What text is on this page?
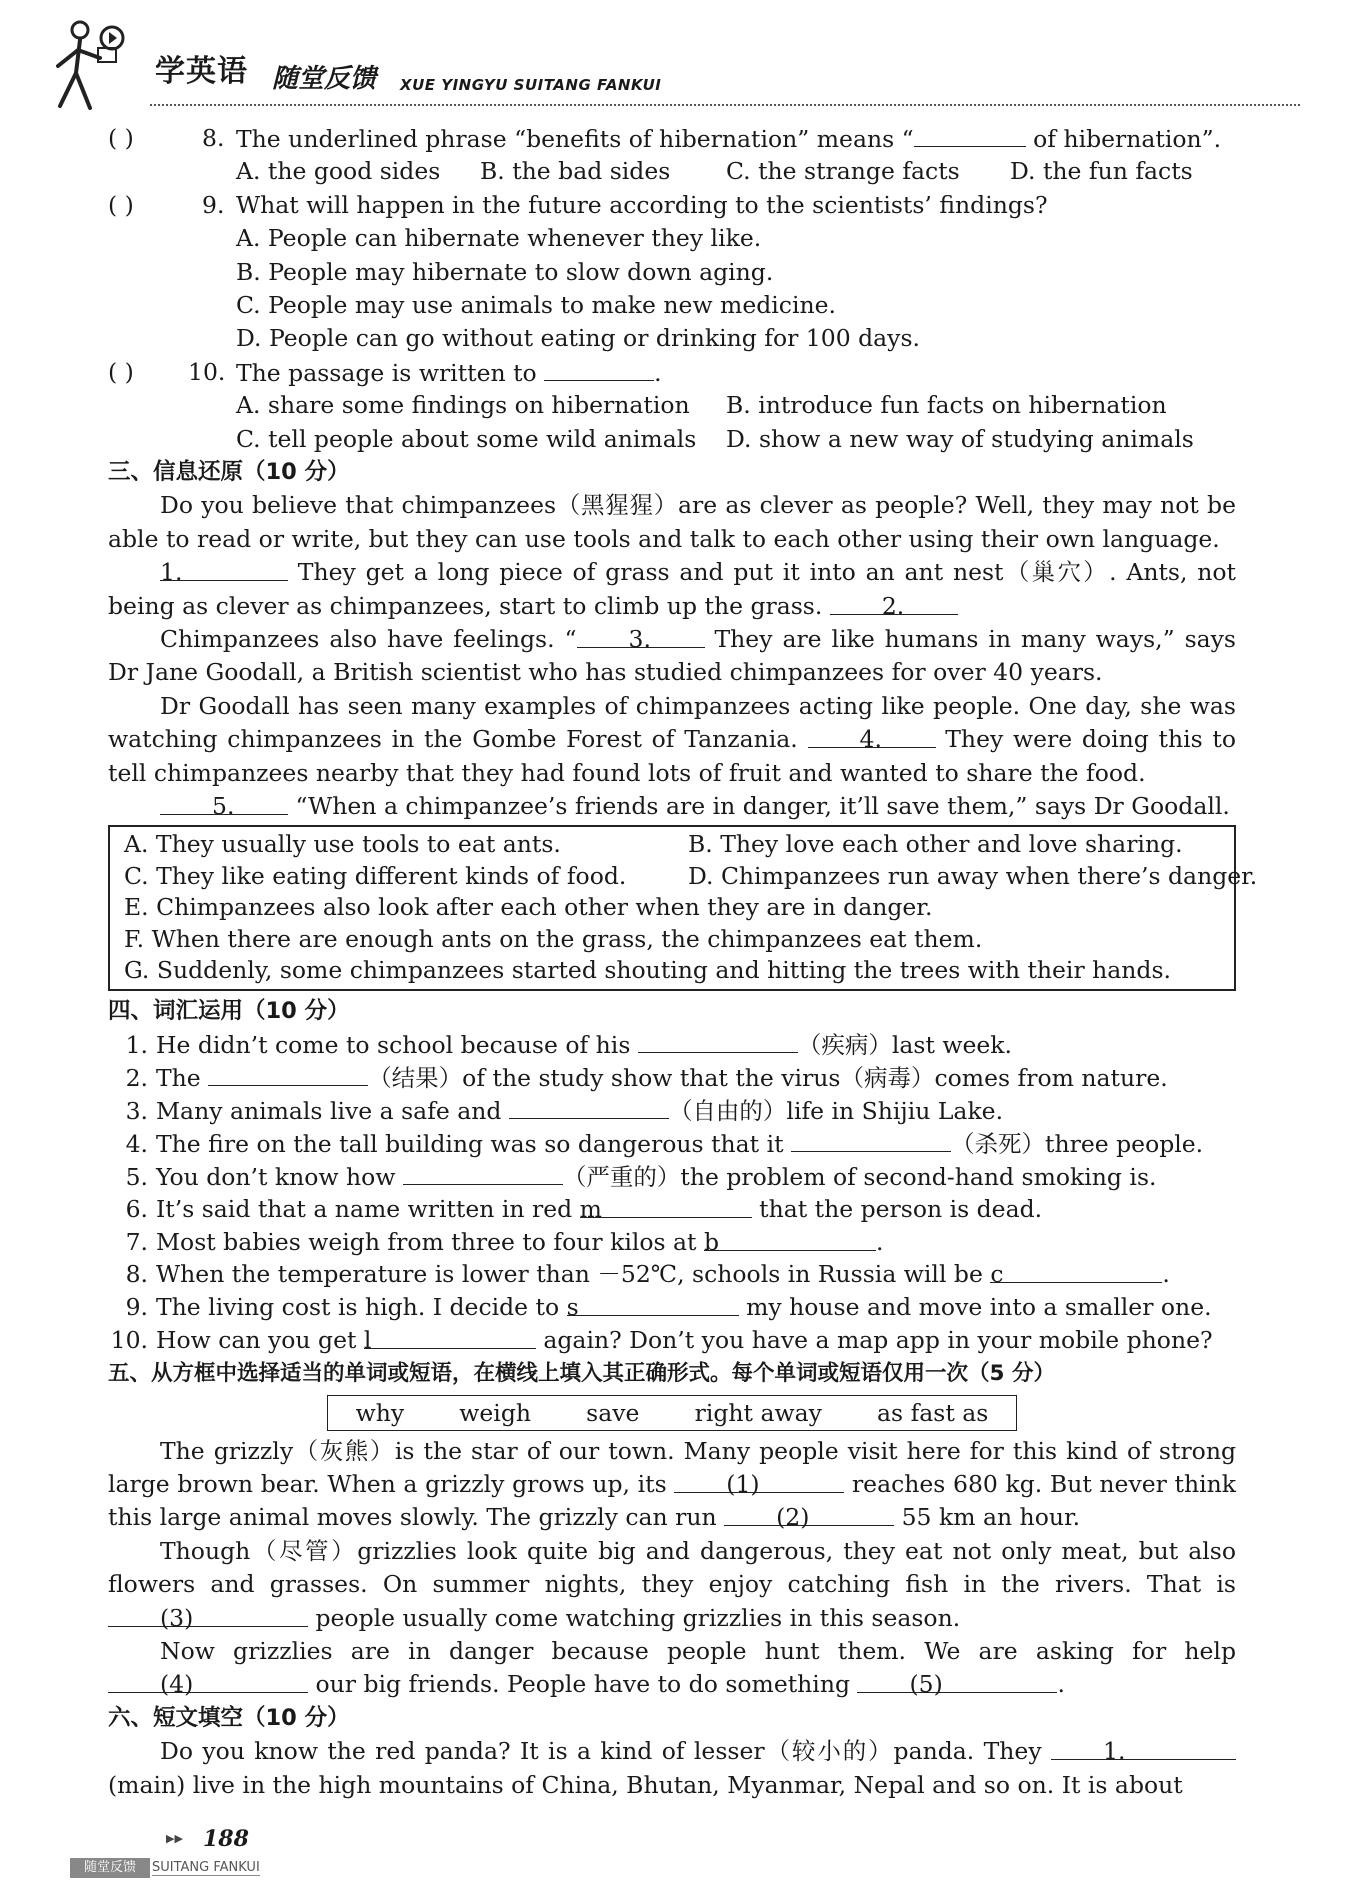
学英语 随堂反馈 XUE YINGYU SUITANG FANKUI
( )	8. The underlined phrase “benefits of hibernation” means “	of hibernation”.
A. the good sides B. the bad sides C. the strange facts D. the fun facts
( )	9. What will happen in the future according to the scientists’ findings?
A. People can hibernate whenever they like.
B. People may hibernate to slow down aging.
C. People may use animals to make new medicine.
D. People can go without eating or drinking for 100 days.
( ) 10. The passage is written to	.
A. share some findings on hibernation B. introduce fun facts on hibernation
C. tell people about some wild animals D. show a new way of studying animals
三、信息还原（10 分）
Do you believe that chimpanzees（黑猩猩）are as clever as people? Well, they may not be able to read or write, but they can use tools and talk to each other using their own language.
1.	They get a long piece of grass and put it into an ant nest（巢穴）. Ants, not being as clever as chimpanzees, start to climb up the grass. 2.
Chimpanzees also have feelings. “ 3. They are like humans in many ways,” says Dr Jane Goodall, a British scientist who has studied chimpanzees for over 40 years.
Dr Goodall has seen many examples of chimpanzees acting like people. One day, she was watching chimpanzees in the Gombe Forest of Tanzania. 4. They were doing this to tell chimpanzees nearby that they had found lots of fruit and wanted to share the food.
5. “When a chimpanzee’s friends are in danger, it’ll save them,” says Dr Goodall.
A. They usually use tools to eat ants.	B. They love each other and love sharing.
C. They like eating different kinds of food.	D. Chimpanzees run away when there’s danger.
E. Chimpanzees also look after each other when they are in danger.
F. When there are enough ants on the grass, the chimpanzees eat them.
G. Suddenly, some chimpanzees started shouting and hitting the trees with their hands.
四、词汇运用（10 分）
1. He didn’t come to school because of his	（疾病）last week.
2. The	（结果）of the study show that the virus（病毒）comes from nature.
3. Many animals live a safe and	（自由的）life in Shijiu Lake.
4. The fire on the tall building was so dangerous that it	（杀死）three people.
5. You don’t know how	（严重的）the problem of second-hand smoking is.
6. It’s said that a name written in red m	that the person is dead.
7. Most babies weigh from three to four kilos at b	.
8. When the temperature is lower than －52℃, schools in Russia will be c	.
9. The living cost is high. I decide to s	my house and move into a smaller one.
10. How can you get l	again? Don’t you have a map app in your mobile phone?
五、从方框中选择适当的单词或短语，在横线上填入其正确形式。每个单词或短语仅用一次（5 分）
why weigh save right away as fast as
The grizzly（灰熊）is the star of our town. Many people visit here for this kind of strong large brown bear. When a grizzly grows up, its (1)	reaches 680 kg. But never think this large animal moves slowly. The grizzly can run (2)	55 km an hour.
Though（尽管）grizzlies look quite big and dangerous, they eat not only meat, but also flowers and grasses. On summer nights, they enjoy catching fish in the rivers. That is (3)	people usually come watching grizzlies in this season.
Now grizzlies are in danger because people hunt them. We are asking for help (4)	our big friends. People have to do something (5)	.
六、短文填空（10 分）
Do you know the red panda? It is a kind of lesser（较小的）panda. They 1. (main) live in the high mountains of China, Bhutan, Myanmar, Nepal and so on. It is about
▶▶ 188
随堂反馈	SUITANG FANKUI
